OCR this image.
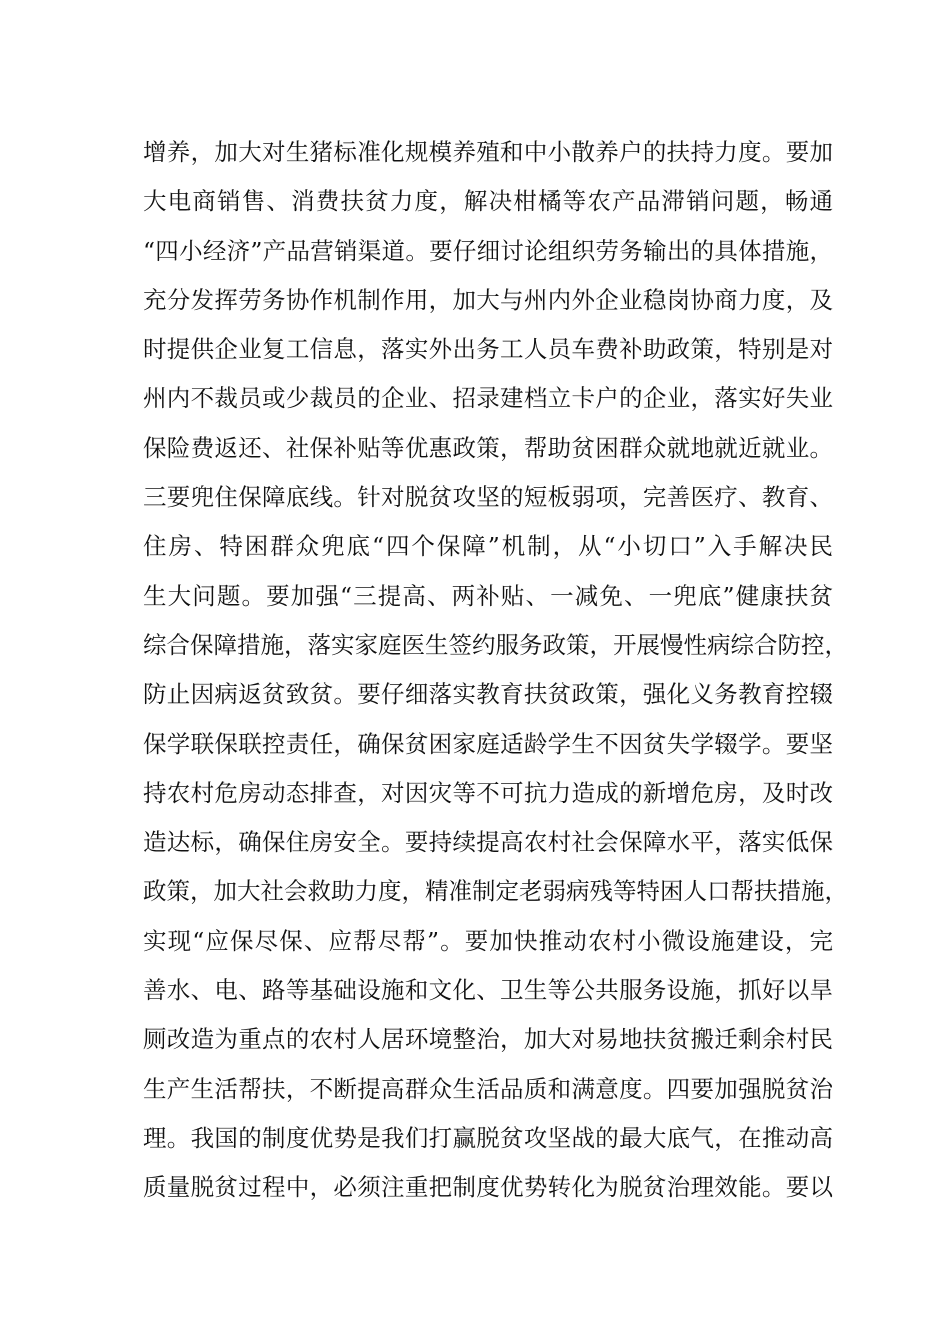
增养，加大对生猪标准化规模养殖和中小散养户的扶持力度。要加
大电商销售、消费扶贫力度，解决柑橘等农产品滞销问题，畅通
“四小经济”产品营销渠道。要仔细讨论组织劳务输出的具体措施，
充分发挥劳务协作机制作用，加大与州内外企业稳岗协商力度，及
时提供企业复工信息，落实外出务工人员车费补助政策，特别是对
州内不裁员或少裁员的企业、招录建档立卡户的企业，落实好失业
保险费返还、社保补贴等优惠政策，帮助贫困群众就地就近就业。
三要兜住保障底线。针对脱贫攻坚的短板弱项，完善医疗、教育、
住房、特困群众兜底“四个保障”机制，从“小切口”入手解决民
生大问题。要加强“三提高、两补贴、一减免、一兜底”健康扶贫
综合保障措施，落实家庭医生签约服务政策，开展慢性病综合防控，
防止因病返贫致贫。要仔细落实教育扶贫政策，强化义务教育控辍
保学联保联控责任，确保贫困家庭适龄学生不因贫失学辍学。要坚
持农村危房动态排查，对因灾等不可抗力造成的新增危房，及时改
造达标，确保住房安全。要持续提高农村社会保障水平，落实低保
政策，加大社会救助力度，精准制定老弱病残等特困人口帮扶措施，
实现“应保尽保、应帮尽帮”。要加快推动农村小微设施建设，完
善水、电、路等基础设施和文化、卫生等公共服务设施，抓好以旱
厕改造为重点的农村人居环境整治，加大对易地扶贫搬迁剩余村民
生产生活帮扶，不断提高群众生活品质和满意度。四要加强脱贫治
理。我国的制度优势是我们打赢脱贫攻坚战的最大底气，在推动高
质量脱贫过程中，必须注重把制度优势转化为脱贫治理效能。要以
